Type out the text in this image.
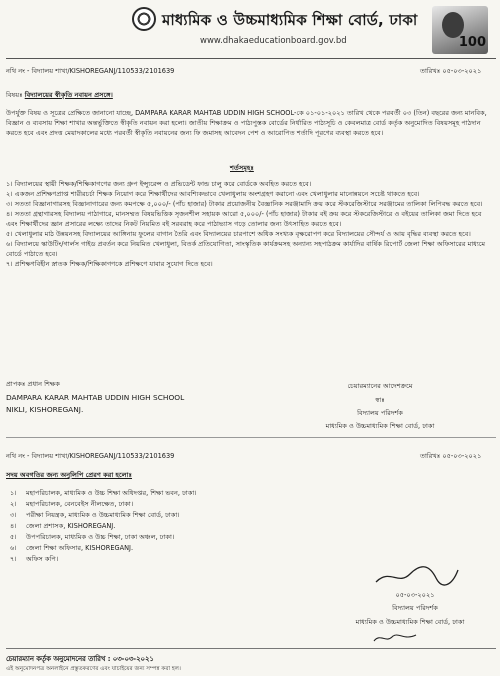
মাধ্যমিক ও উচ্চমাধ্যমিক শিক্ষা বোর্ড, ঢাকা
www.dhakaeducationboard.gov.bd	100
নথি নং - বিদ্যালয় শাখা/KISHOREGANJ/110533/2101639	তারিখঃ ০৫-০৩-২০২১
বিষয়ঃ বিদ্যালয়ের স্বীকৃতি নবায়ন প্রসঙ্গে।
উপর্যুক্ত বিষয় ও সূত্রের প্রেক্ষিতে জানানো যাচ্ছে, DAMPARA KARAR MAHTAB UDDIN HIGH SCHOOL-কে ০১-০১-২০২১ তারিখ থেকে পরবর্তী ০৩ (তিন) বছরের জন্য মানবিক, বিজ্ঞান ও ব্যবসায় শিক্ষা শাখার অন্তর্ভুক্তিতে স্বীকৃতি নবায়ন করা হলো। জাতীয় শিক্ষাক্রম ও পাঠ্যপুস্তক বোর্ডের নির্ধারিত পাঠ্যসূচি ও কেবলমাত্র বোর্ড কর্তৃক অনুমোদিত বিষয়সমূহ পাঠদান করতে হবে এবং প্রদত্ত মেয়াদকালের মধ্যে পরবর্তী স্বীকৃতি নবায়নের জন্য ফি জমাসহ আবেদন পেশ ও আরোপিত শর্তাদি পূরণের ব্যবস্থা করতে হবে।
শর্তসমূহঃ
১। বিদ্যালয়ের স্থায়ী শিক্ষক/শিক্ষিকাগণের জন্য গ্রুপ ইন্স্যুরেন্স ও প্রভিডেন্ট ফান্ড চালু করে বোর্ডকে অবহিত করতে হবে।
২। একজন প্রশিক্ষণপ্রাপ্ত শারীরচর্চা শিক্ষক নিয়োগ করে শিক্ষার্থীদের আবশ্যিকভাবে খেলাধুলায় অংশগ্রহণ করানো এবং খেলাধুলার মানোন্নয়নে সচেষ্ট থাকতে হবে।
৩। সততা বিজ্ঞানাগারসহ বিজ্ঞানাগারের জন্য কমপক্ষে ৫,০০০/- (পাঁচ হাজার) টাকার প্রয়োজনীয় বৈজ্ঞানিক সরঞ্জামাদি ক্রয় করে স্টকরেজিস্টারে সরঞ্জামের তালিকা লিপিবদ্ধ করতে হবে।
৪। সততা গ্রন্থাগারসহ বিদ্যালয় পাঠাগারে, মানসম্মত বিষয়ভিত্তিক সৃজনশীল সহায়ক আরো ৫,০০০/- (পাঁচ হাজার) টাকার বই ক্রয় করে স্টকরেজিস্টারে ও বইয়ের তালিকা জমা দিতে হবে এবং শিক্ষার্থীদের জ্ঞান প্রসারের লক্ষ্যে তাদের নিকট নিয়মিত বই সরবরাহ করে পাঠাভ্যাস গড়ে তোলার জন্য উৎসাহিত করতে হবে।
৫। খেলাধুলার মাঠ উন্নয়নসহ বিদ্যালয়ের আঙ্গিনায় ফুলের বাগান তৈরি এবং বিদ্যালয়ের চারপাশে অধিক সংখ্যক বৃক্ষরোপণ করে বিদ্যালয়ের সৌন্দর্য ও আয় বৃদ্ধির ব্যবস্থা করতে হবে।
৬। বিদ্যালয়ে স্কাউটিং/গার্লস গাইড প্রবর্তন করে নিয়মিত খেলাধুলা, বিতর্ক প্রতিযোগিতা, সাংস্কৃতিক কার্যক্রমসহ অন্যান্য সহপাঠক্রম কার্যাদির বার্ষিক রিপোর্ট জেলা শিক্ষা অফিসারের মাধ্যমে বোর্ডে পাঠাতে হবে।
৭। প্রশিক্ষণবিহীন স্নাতক শিক্ষক/শিক্ষিকাগণকে প্রশিক্ষণে যাবার সুযোগ দিতে হবে।
প্রাপকঃ প্রধান শিক্ষক
DAMPARA KARAR MAHTAB UDDIN HIGH SCHOOL
NIKLI, KISHOREGANJ.
চেয়ারম্যানের আদেশক্রমে
স্বাঃ
বিদ্যালয় পরিদর্শক
মাধ্যমিক ও উচ্চমাধ্যমিক শিক্ষা বোর্ড, ঢাকা
নথি নং - বিদ্যালয় শাখা/KISHOREGANJ/110533/2101639	তারিখঃ ০৫-০৩-২০২১
সদয় অবগতির জন্য অনুলিপি প্রেরণ করা হলোঃ
১।	মহাপরিচালক, মাধ্যমিক ও উচ্চ শিক্ষা অধিদপ্তর, শিক্ষা ভবন, ঢাকা।
২।	মহাপরিচালক, বেনবেইস নীলক্ষেত, ঢাকা।
৩।	পরীক্ষা নিয়ন্ত্রক, মাধ্যমিক ও উচ্চমাধ্যমিক শিক্ষা বোর্ড, ঢাকা।
৪।	জেলা প্রশাসক, KISHOREGANJ.
৫।	উপপরিচালক, মাধ্যমিক ও উচ্চ শিক্ষা, ঢাকা অঞ্চল, ঢাকা।
৬।	জেলা শিক্ষা অফিসার, KISHOREGANJ.
৭।	অফিস কপি।
০৫-০৩-২০২১
বিদ্যালয় পরিদর্শক
মাধ্যমিক ও উচ্চমাধ্যমিক শিক্ষা বোর্ড, ঢাকা
চেয়ারম্যান কর্তৃক অনুমোদনের তারিখ : ০৩-০৩-২০২১
এই অনুমোদনপত্র অনলাইনে প্রস্তুতকরণের এবং যাচাইয়ের জন্য সম্পন্ন করা হল।
